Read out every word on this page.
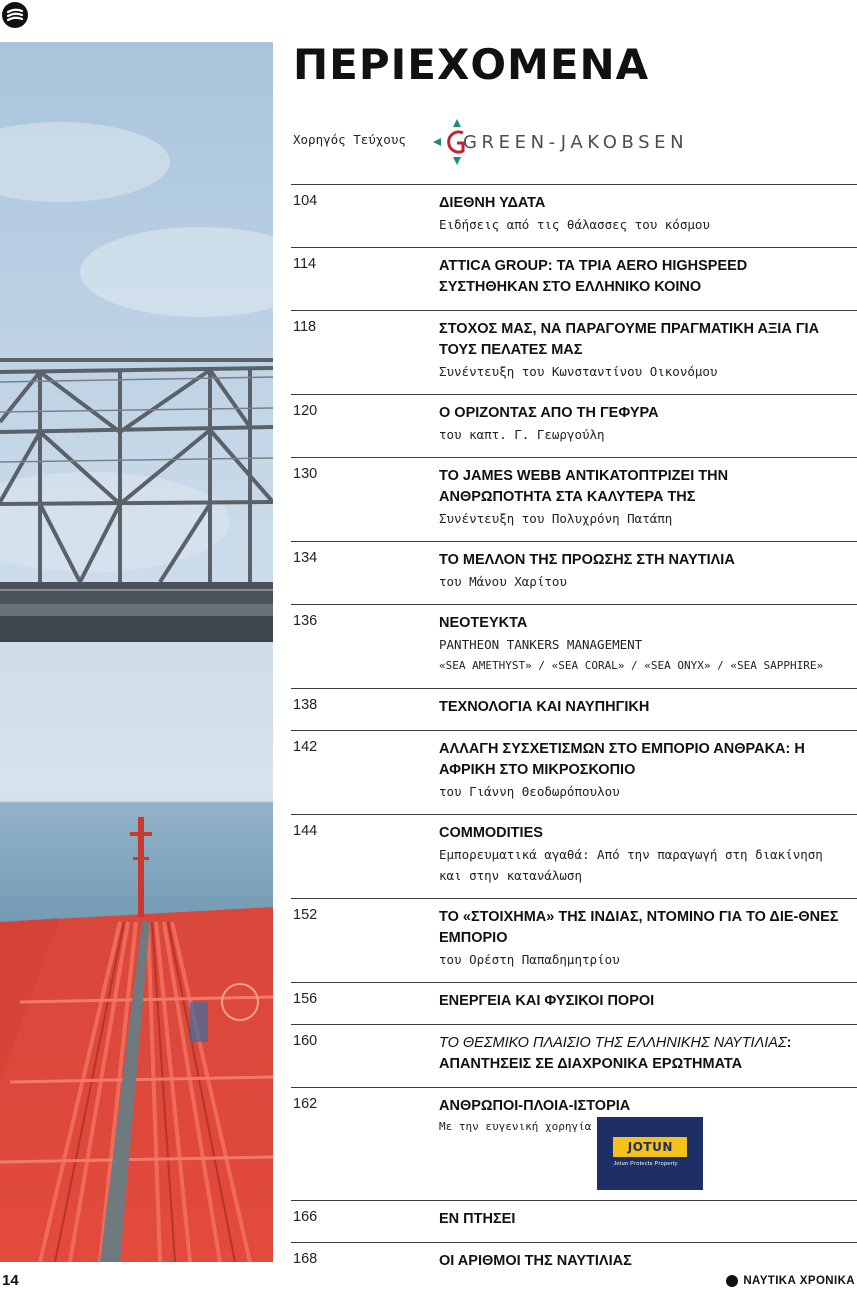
ΠΕΡΙΕΧΟΜΕΝΑ
Χορηγός Τεύχους	GREEN-JAKOBSEN
104	ΔΙΕΘΝΗ ΥΔΑΤΑ
Ειδήσεις από τις θάλασσες του κόσμου
114	ATTICA GROUP: ΤΑ ΤΡΙΑ AERO HIGHSPEED ΣΥΣΤΗΘΗΚΑΝ ΣΤΟ ΕΛΛΗΝΙΚΟ ΚΟΙΝΟ
118	ΣΤΟΧΟΣ ΜΑΣ, ΝΑ ΠΑΡΑΓΟΥΜΕ ΠΡΑΓΜΑΤΙΚΗ ΑΞΙΑ ΓΙΑ ΤΟΥΣ ΠΕΛΑΤΕΣ ΜΑΣ
Συνέντευξη του Κωνσταντίνου Οικονόμου
120	Ο ΟΡΙΖΟΝΤΑΣ ΑΠΟ ΤΗ ΓΕΦΥΡΑ
του καπτ. Γ. Γεωργούλη
130	ΤΟ JAMES WEBB ΑΝΤΙΚΑΤΟΠΤΡΙΖΕΙ ΤΗΝ ΑΝΘΡΩΠΟΤΗΤΑ ΣΤΑ ΚΑΛΥΤΕΡΑ ΤΗΣ
Συνέντευξη του Πολυχρόνη Πατάπη
134	ΤΟ ΜΕΛΛΟΝ ΤΗΣ ΠΡΟΩΣΗΣ ΣΤΗ ΝΑΥΤΙΛΙΑ
του Μάνου Χαρίτου
136	ΝΕΟΤΕΥΚΤΑ
PANTHEON TANKERS MANAGEMENT
«SEA AMETHYST» / «SEA CORAL» / «SEA ONYX» / «SEA SAPPHIRE»
138	ΤΕΧΝΟΛΟΓΙΑ ΚΑΙ ΝΑΥΠΗΓΙΚΗ
142	ΑΛΛΑΓΗ ΣΥΣΧΕΤΙΣΜΩΝ ΣΤΟ ΕΜΠΟΡΙΟ ΑΝΘΡΑΚΑ: Η ΑΦΡΙΚΗ ΣΤΟ ΜΙΚΡΟΣΚΟΠΙΟ
του Γιάννη Θεοδωρόπουλου
144	COMMODITIES
Εμπορευματικά αγαθά: Από την παραγωγή στη διακίνηση
και στην κατανάλωση
152	ΤΟ «ΣΤΟΙΧΗΜΑ» ΤΗΣ ΙΝΔΙΑΣ, ΝΤΟΜΙΝΟ ΓΙΑ ΤΟ ΔΙΕ-ΘΝΕΣ ΕΜΠΟΡΙΟ
του Ορέστη Παπαδημητρίου
156	ΕΝΕΡΓΕΙΑ ΚΑΙ ΦΥΣΙΚΟΙ ΠΟΡΟΙ
160	ΤΟ ΘΕΣΜΙΚΟ ΠΛΑΙΣΙΟ ΤΗΣ ΕΛΛΗΝΙΚΗΣ ΝΑΥΤΙΛΙΑΣ: ΑΠΑΝΤΗΣΕΙΣ ΣΕ ΔΙΑΧΡΟΝΙΚΑ ΕΡΩΤΗΜΑΤΑ
162	ΑΝΘΡΩΠΟΙ-ΠΛΟΙΑ-ΙΣΤΟΡΙΑ
Με την ευγενική χορηγία
JOTUN
Jotun Protects Property
166	ΕΝ ΠΤΗΣΕΙ
168	ΟΙ ΑΡΙΘΜΟΙ ΤΗΣ ΝΑΥΤΙΛΙΑΣ
14	ΝΑΥΤΙΚΑ ΧΡΟΝΙΚΑ
